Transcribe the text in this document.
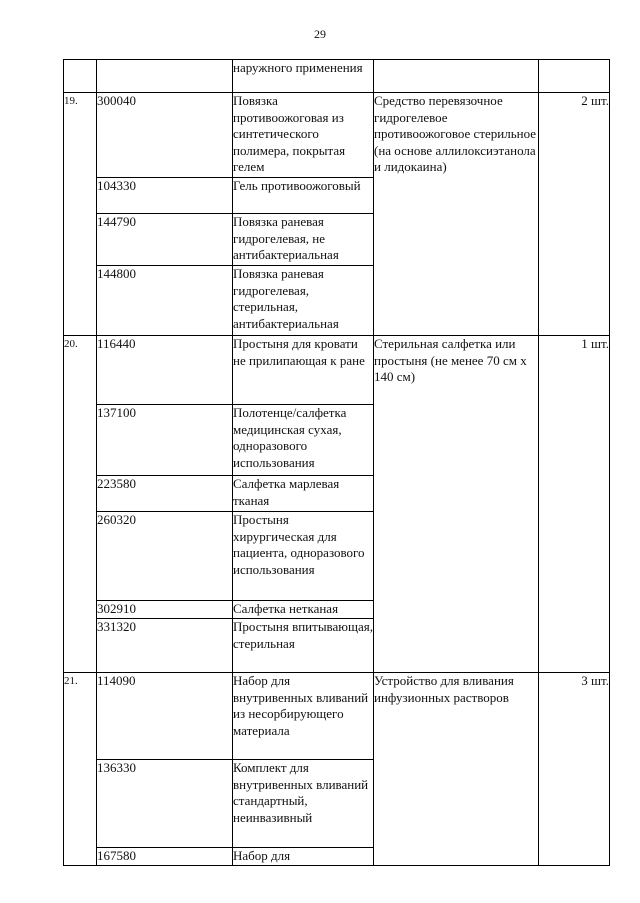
29
		наружного применения		
19.	300040	Повязка противоожоговая из синтетического полимера, покрытая гелем	Средство перевязочное гидрогелевое противоожоговое стерильное (на основе аллилоксиэтанола и лидокаина)	2 шт.
	104330	Гель противоожоговый		
	144790	Повязка раневая гидрогелевая, не антибактериальная		
	144800	Повязка раневая гидрогелевая, стерильная, антибактериальная		
20.	116440	Простыня для кровати не прилипающая к ране	Стерильная салфетка или простыня (не менее 70 см х 140 см)	1 шт.
	137100	Полотенце/салфетка медицинская сухая, одноразового использования		
	223580	Салфетка марлевая тканая		
	260320	Простыня хирургическая для пациента, одноразового использования		
	302910	Салфетка нетканая		
	331320	Простыня впитывающая, стерильная		
21.	114090	Набор для внутривенных вливаний из несорбирующего материала	Устройство для вливания инфузионных растворов	3 шт.
	136330	Комплект для внутривенных вливаний стандартный, неинвазивный		
	167580	Набор для		
